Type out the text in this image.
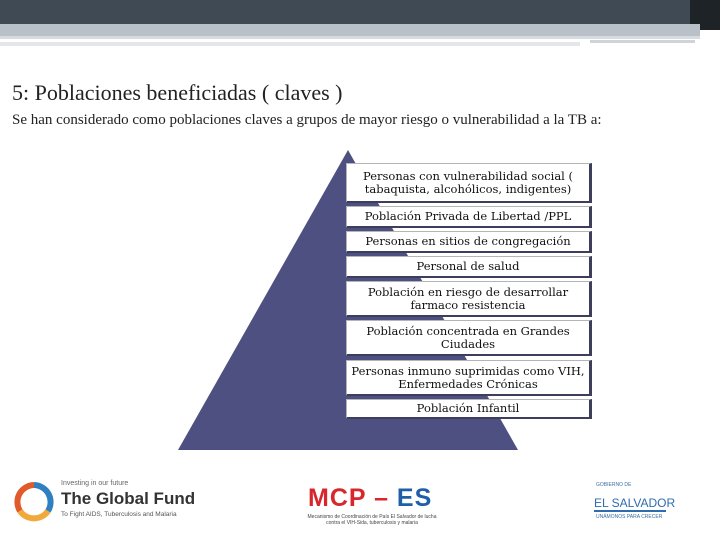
5: Poblaciones beneficiadas ( claves )
Se han considerado como poblaciones claves a grupos de mayor riesgo o vulnerabilidad a la TB a:
Personas con vulnerabilidad social ( tabaquista, alcohólicos, indigentes)
Población Privada de Libertad /PPL
Personas en sitios de congregación
Personal de salud
Población en riesgo de desarrollar farmaco resistencia
Población concentrada en Grandes Ciudades
Personas inmuno suprimidas como VIH, Enfermedades Crónicas
Población Infantil
Investing in our future
The Global Fund
To Fight AIDS, Tuberculosis and Malaria
MCP – ES
Mecanismo de Coordinación de País El Salvador de lucha contra el VIH-Sida, tuberculosis y malaria
GOBIERNO DE
EL SALVADOR
UNÁMONOS PARA CRECER
